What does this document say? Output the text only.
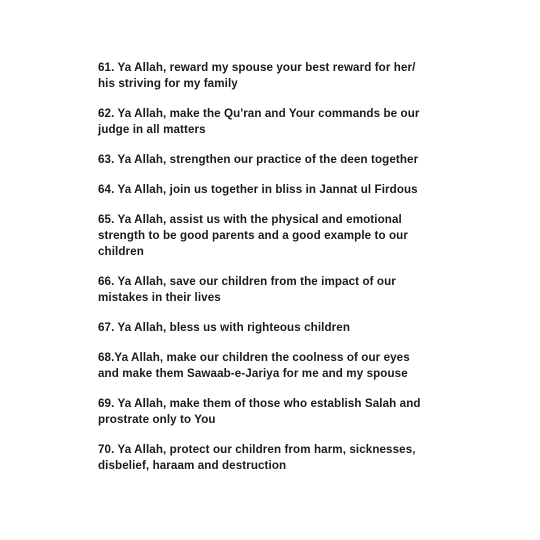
61. Ya Allah, reward my spouse your best reward for her/
his striving for my family

62. Ya Allah, make the Qu'ran and Your commands be our
judge in all matters

63. Ya Allah, strengthen our practice of the deen together

64. Ya Allah, join us together in bliss in Jannat ul Firdous

65. Ya Allah, assist us with the physical and emotional
strength to be good parents and a good example to our
children

66. Ya Allah, save our children from the impact of our
mistakes in their lives

67. Ya Allah, bless us with righteous children

68.Ya Allah, make our children the coolness of our eyes
and make them Sawaab-e-Jariya for me and my spouse

69. Ya Allah, make them of those who establish Salah and
prostrate only to You

70. Ya Allah, protect our children from harm, sicknesses,
disbelief, haraam and destruction
